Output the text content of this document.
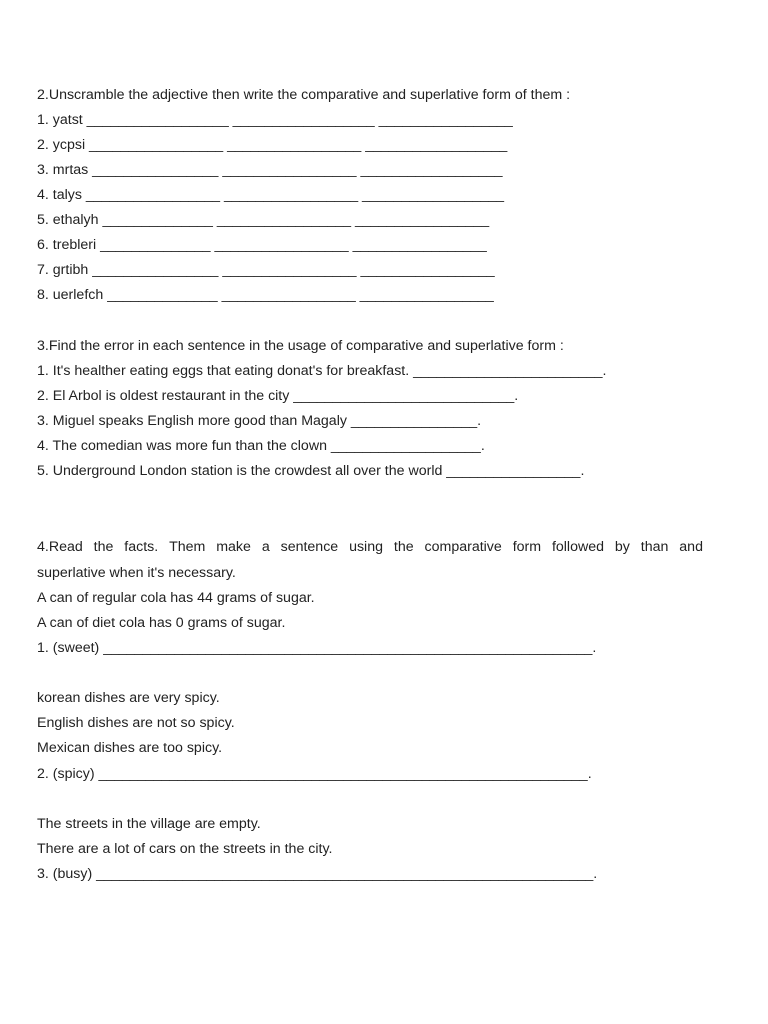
2.Unscramble the adjective then write the comparative and superlative form of them :
1. yatst __________________ __________________ _________________
2. ycpsi _________________ _________________ __________________
3. mrtas ________________ _________________ __________________
4. talys _________________ _________________ __________________
5. ethalyh ______________ _________________ _________________
6. trebleri ______________ _________________ _________________
7. grtibh ________________ _________________ _________________
8. uerlefch ______________ _________________ _________________
3.Find the error in each sentence in the usage of comparative and superlative form :
1. It's healther eating eggs that eating donat's for breakfast. ________________________.
2. El Arbol is oldest restaurant in the city ____________________________.
3. Miguel speaks English more good than Magaly ________________.
4. The comedian was more fun than the clown ___________________.
5. Underground London station is the crowdest all over the world _________________.
4.Read the facts. Them make a sentence using the comparative form followed by than and
superlative when it's necessary.
A can of regular cola has 44 grams of sugar.
A can of diet cola has 0 grams of sugar.
1. (sweet) ______________________________________________________________.
korean dishes are very spicy.
English dishes are not so spicy.
Mexican dishes are too spicy.
2. (spicy) ______________________________________________________________.
The streets in the village are empty.
There are a lot of cars on the streets in the city.
3. (busy) _______________________________________________________________.
